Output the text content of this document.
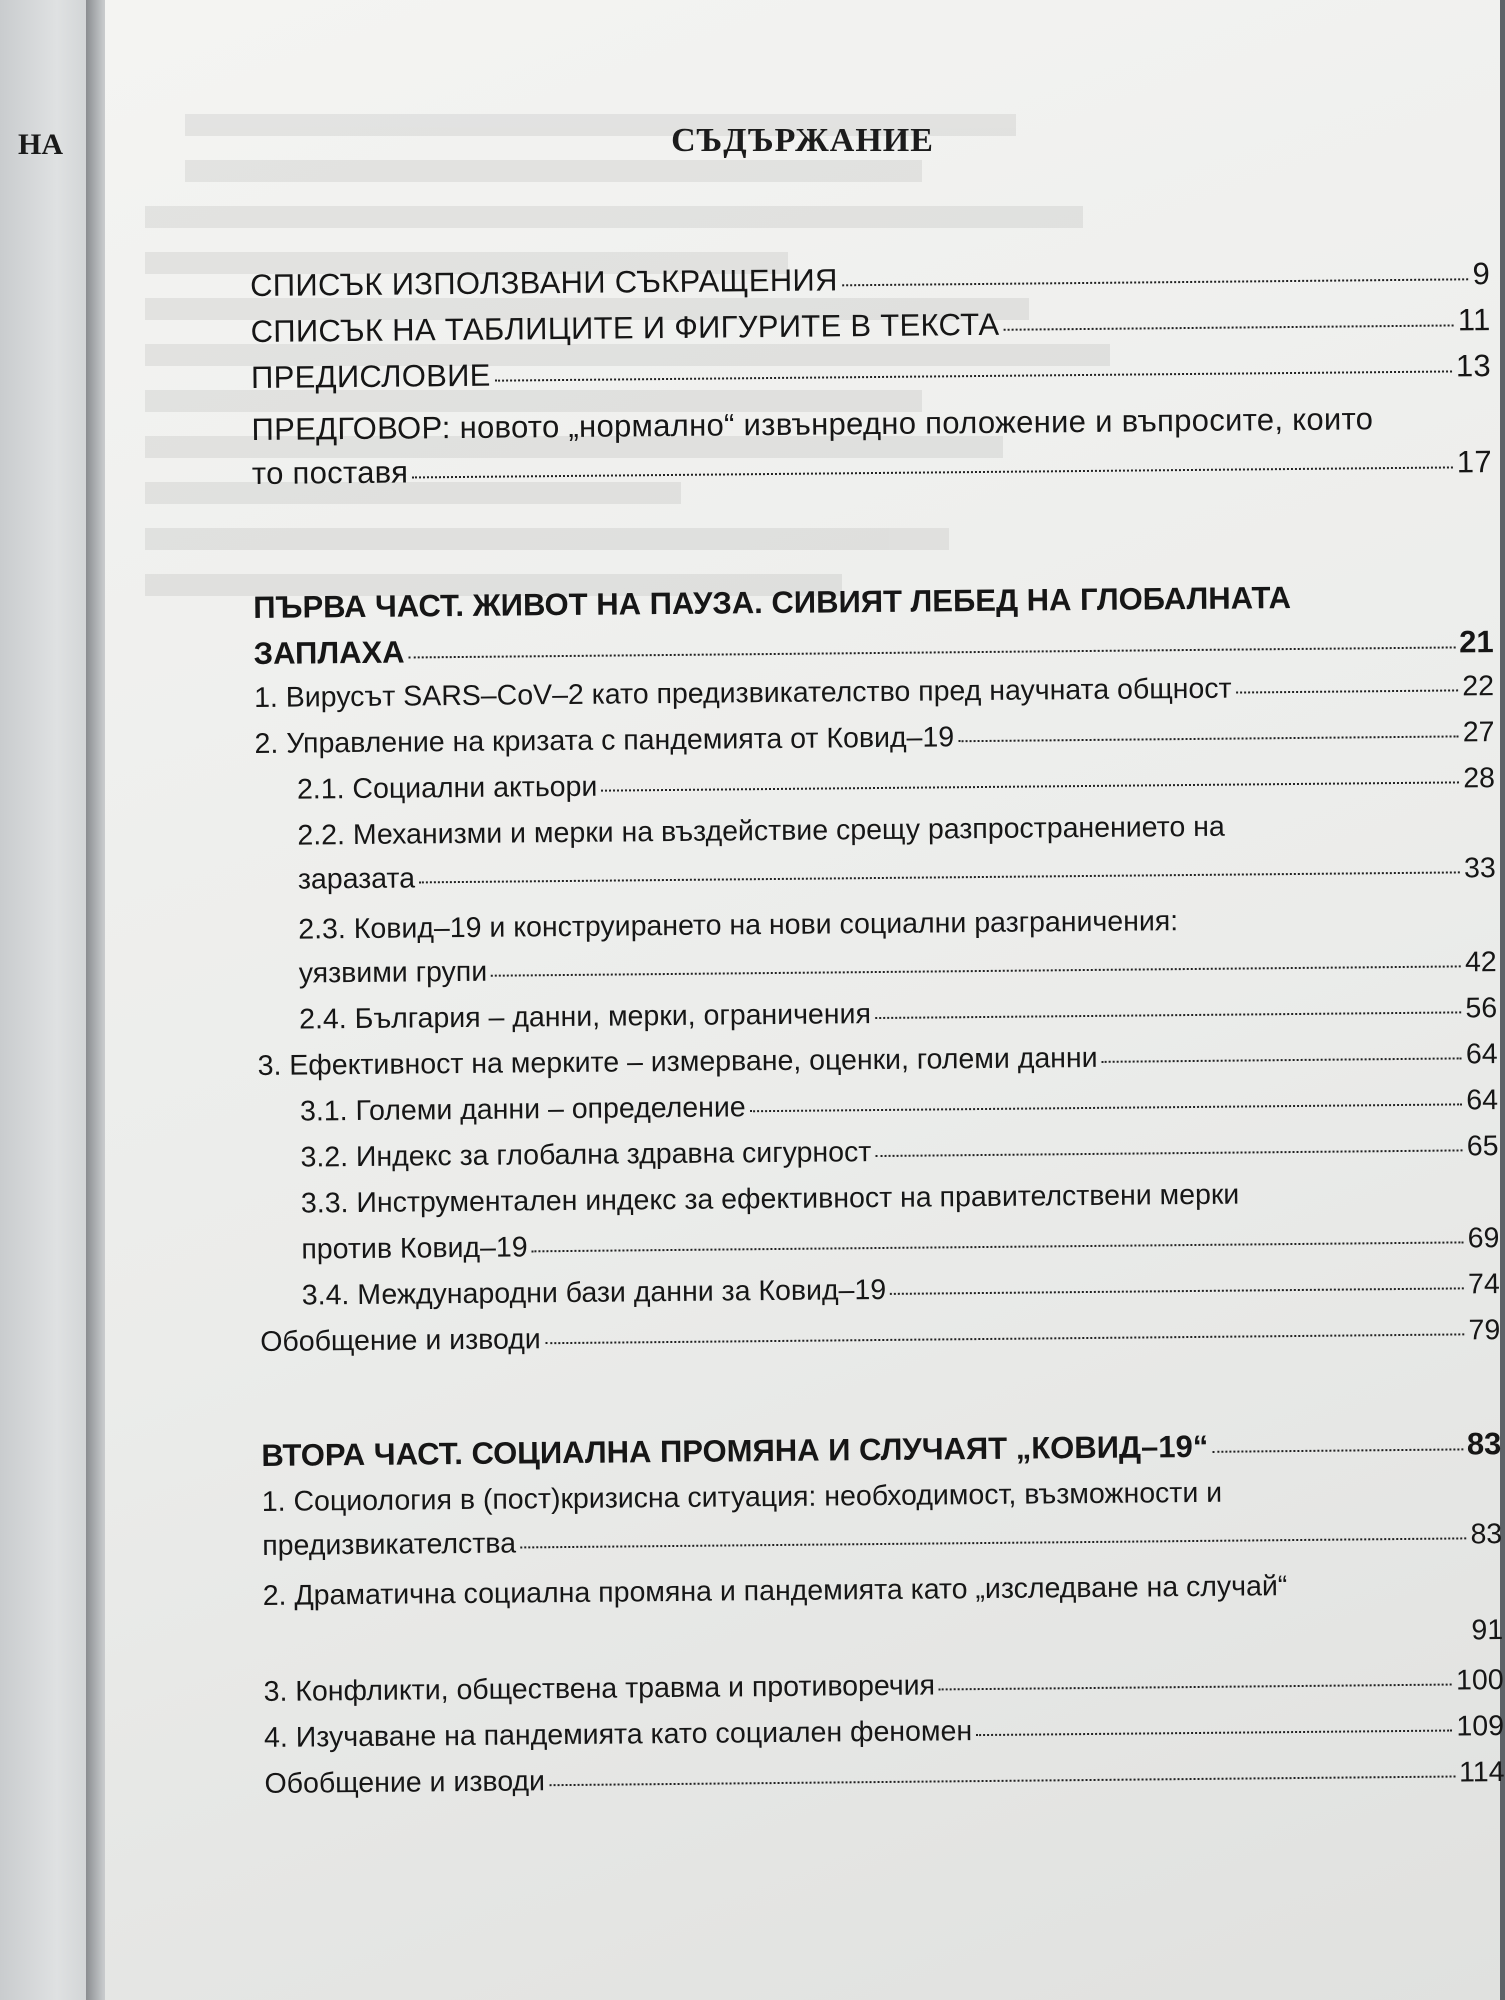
НА	СЪДЪРЖАНИЕ
СПИСЪК ИЗПОЛЗВАНИ СЪКРАЩЕНИЯ	9
СПИСЪК НА ТАБЛИЦИТЕ И ФИГУРИТЕ В ТЕКСТА	11
ПРЕДИСЛОВИЕ	13
ПРЕДГОВОР: новото „нормално“ извънредно положение и въпросите, които
то поставя	17
ПЪРВА ЧАСТ. ЖИВОТ НА ПАУЗА. СИВИЯТ ЛЕБЕД НА ГЛОБАЛНАТА
ЗАПЛАХА	21
1. Вирусът SARS–CoV–2 като предизвикателство пред научната общност	22
2. Управление на кризата с пандемията от Ковид–19	27
2.1. Социални актьори	28
2.2. Механизми и мерки на въздействие срещу разпространението на
заразата	33
2.3. Ковид–19 и конструирането на нови социални разграничения:
уязвими групи	42
2.4. България – данни, мерки, ограничения	56
3. Ефективност на мерките – измерване, оценки, големи данни	64
3.1. Големи данни – определение	64
3.2. Индекс за глобална здравна сигурност	65
3.3. Инструментален индекс за ефективност на правителствени мерки
против Ковид–19	69
3.4. Международни бази данни за Ковид–19	74
Обобщение и изводи	79
ВТОРА ЧАСТ. СОЦИАЛНА ПРОМЯНА И СЛУЧАЯТ „КОВИД–19“	83
1. Социология в (пост)кризисна ситуация: необходимост, възможности и
предизвикателства	83
2. Драматична социална промяна и пандемията като „изследване на случай“
91
3. Конфликти, обществена травма и противоречия	100
4. Изучаване на пандемията като социален феномен	109
Обобщение и изводи	114
